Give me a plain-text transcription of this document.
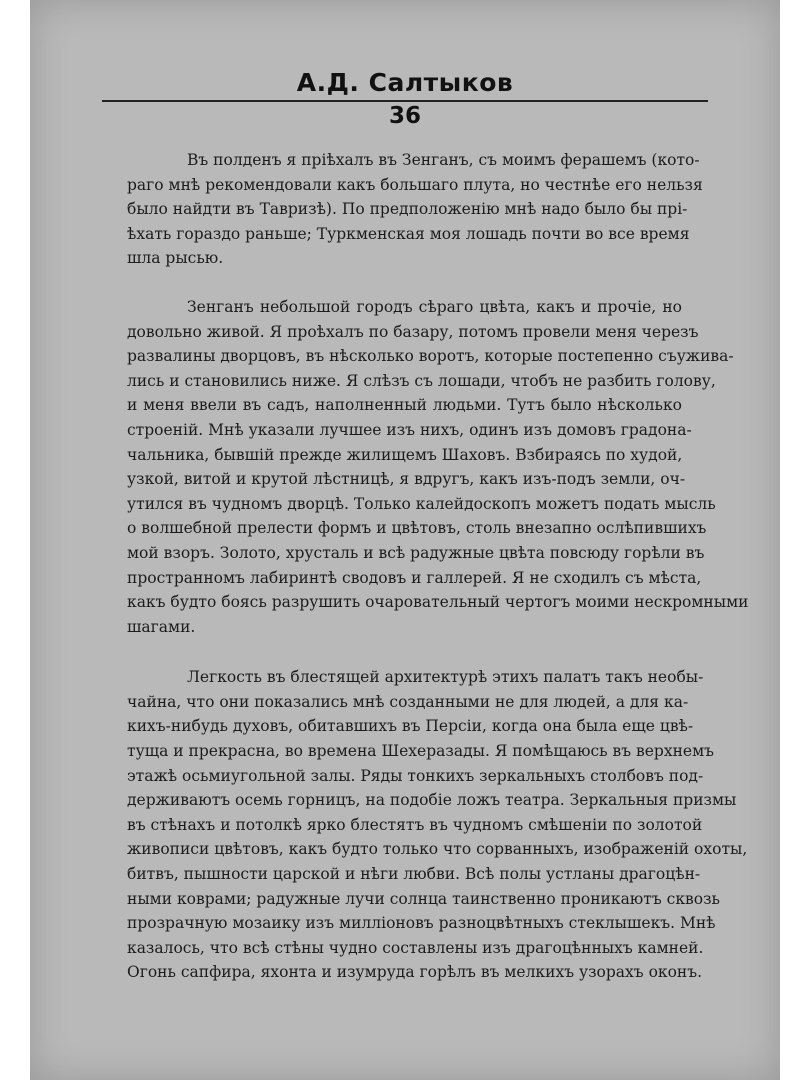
А.Д. Салтыков
36
Въ полденъ я пріѣхалъ въ Зенганъ, съ моимъ ферашемъ (кото-
раго мнѣ рекомендовали какъ большаго плута, но честнѣе его нельзя
было найдти въ Тавризѣ). По предположенію мнѣ надо было бы прі-
ѣхать гораздо раньше; Туркменская моя лошадь почти во все время
шла рысью.
Зенганъ небольшой городъ сѣраго цвѣта, какъ и прочіе, но
довольно живой. Я проѣхалъ по базару, потомъ провели меня черезъ
развалины дворцовъ, въ нѣсколько воротъ, которые постепенно съужива-
лись и становились ниже. Я слѣзъ съ лошади, чтобъ не разбить голову,
и меня ввели въ садъ, наполненный людьми. Тутъ было нѣсколько
строеній. Мнѣ указали лучшее изъ нихъ, одинъ изъ домовъ градона-
чальника, бывшій прежде жилищемъ Шаховъ. Взбираясь по худой,
узкой, витой и крутой лѣстницѣ, я вдругъ, какъ изъ-подъ земли, оч-
утился въ чудномъ дворцѣ. Только калейдоскопъ можетъ подать мысль
о волшебной прелести формъ и цвѣтовъ, столь внезапно ослѣпившихъ
мой взоръ. Золото, хрусталь и всѣ радужные цвѣта повсюду горѣли въ
пространномъ лабиринтѣ сводовъ и галлерей. Я не сходилъ съ мѣста,
какъ будто боясь разрушить очаровательный чертогъ моими нескромными
шагами.
Легкость въ блестящей архитектурѣ этихъ палатъ такъ необы-
чайна, что они показались мнѣ созданными не для людей, а для ка-
кихъ-нибудь духовъ, обитавшихъ въ Персіи, когда она была еще цвѣ-
туща и прекрасна, во времена Шехеразады. Я помѣщаюсь въ верхнемъ
этажѣ осьмиугольной залы. Ряды тонкихъ зеркальныхъ столбовъ под-
держиваютъ осемь горницъ, на подобіе ложъ театра. Зеркальныя призмы
въ стѣнахъ и потолкѣ ярко блестятъ въ чудномъ смѣшеніи по золотой
живописи цвѣтовъ, какъ будто только что сорванныхъ, изображеній охоты,
битвъ, пышности царской и нѣги любви. Всѣ полы устланы драгоцѣн-
ными коврами; радужные лучи солнца таинственно проникаютъ сквозь
прозрачную мозаику изъ милліоновъ разноцвѣтныхъ стеклышекъ. Мнѣ
казалось, что всѣ стѣны чудно составлены изъ драгоцѣнныхъ камней.
Огонь сапфира, яхонта и изумруда горѣлъ въ мелкихъ узорахъ оконъ.
